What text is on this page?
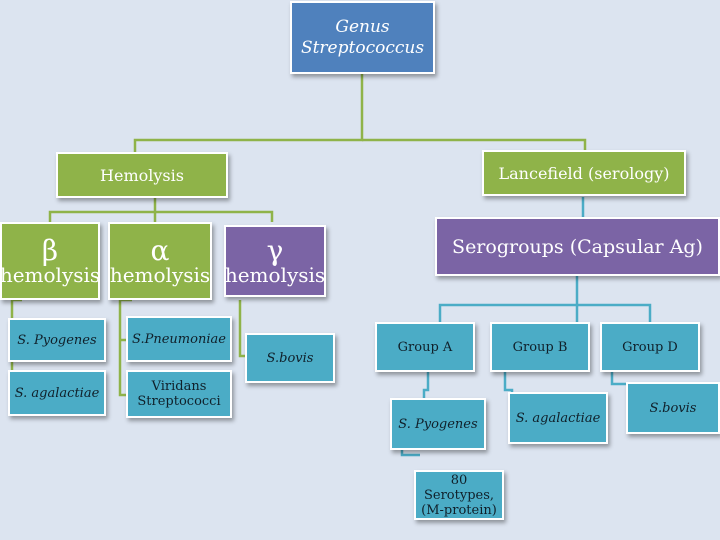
Genus
Streptococcus
Hemolysis	Lancefield (serology)
β
hemolysis
α
hemolysis
γ
hemolysis
Serogroups (Capsular Ag)
S. Pyogenes
S. agalactiae
S.Pneumoniae
Viridans Streptococci
S.bovis
Group A	Group B	Group D
S. Pyogenes	S. agalactiae
S.bovis
80 Serotypes, (M-protein)
